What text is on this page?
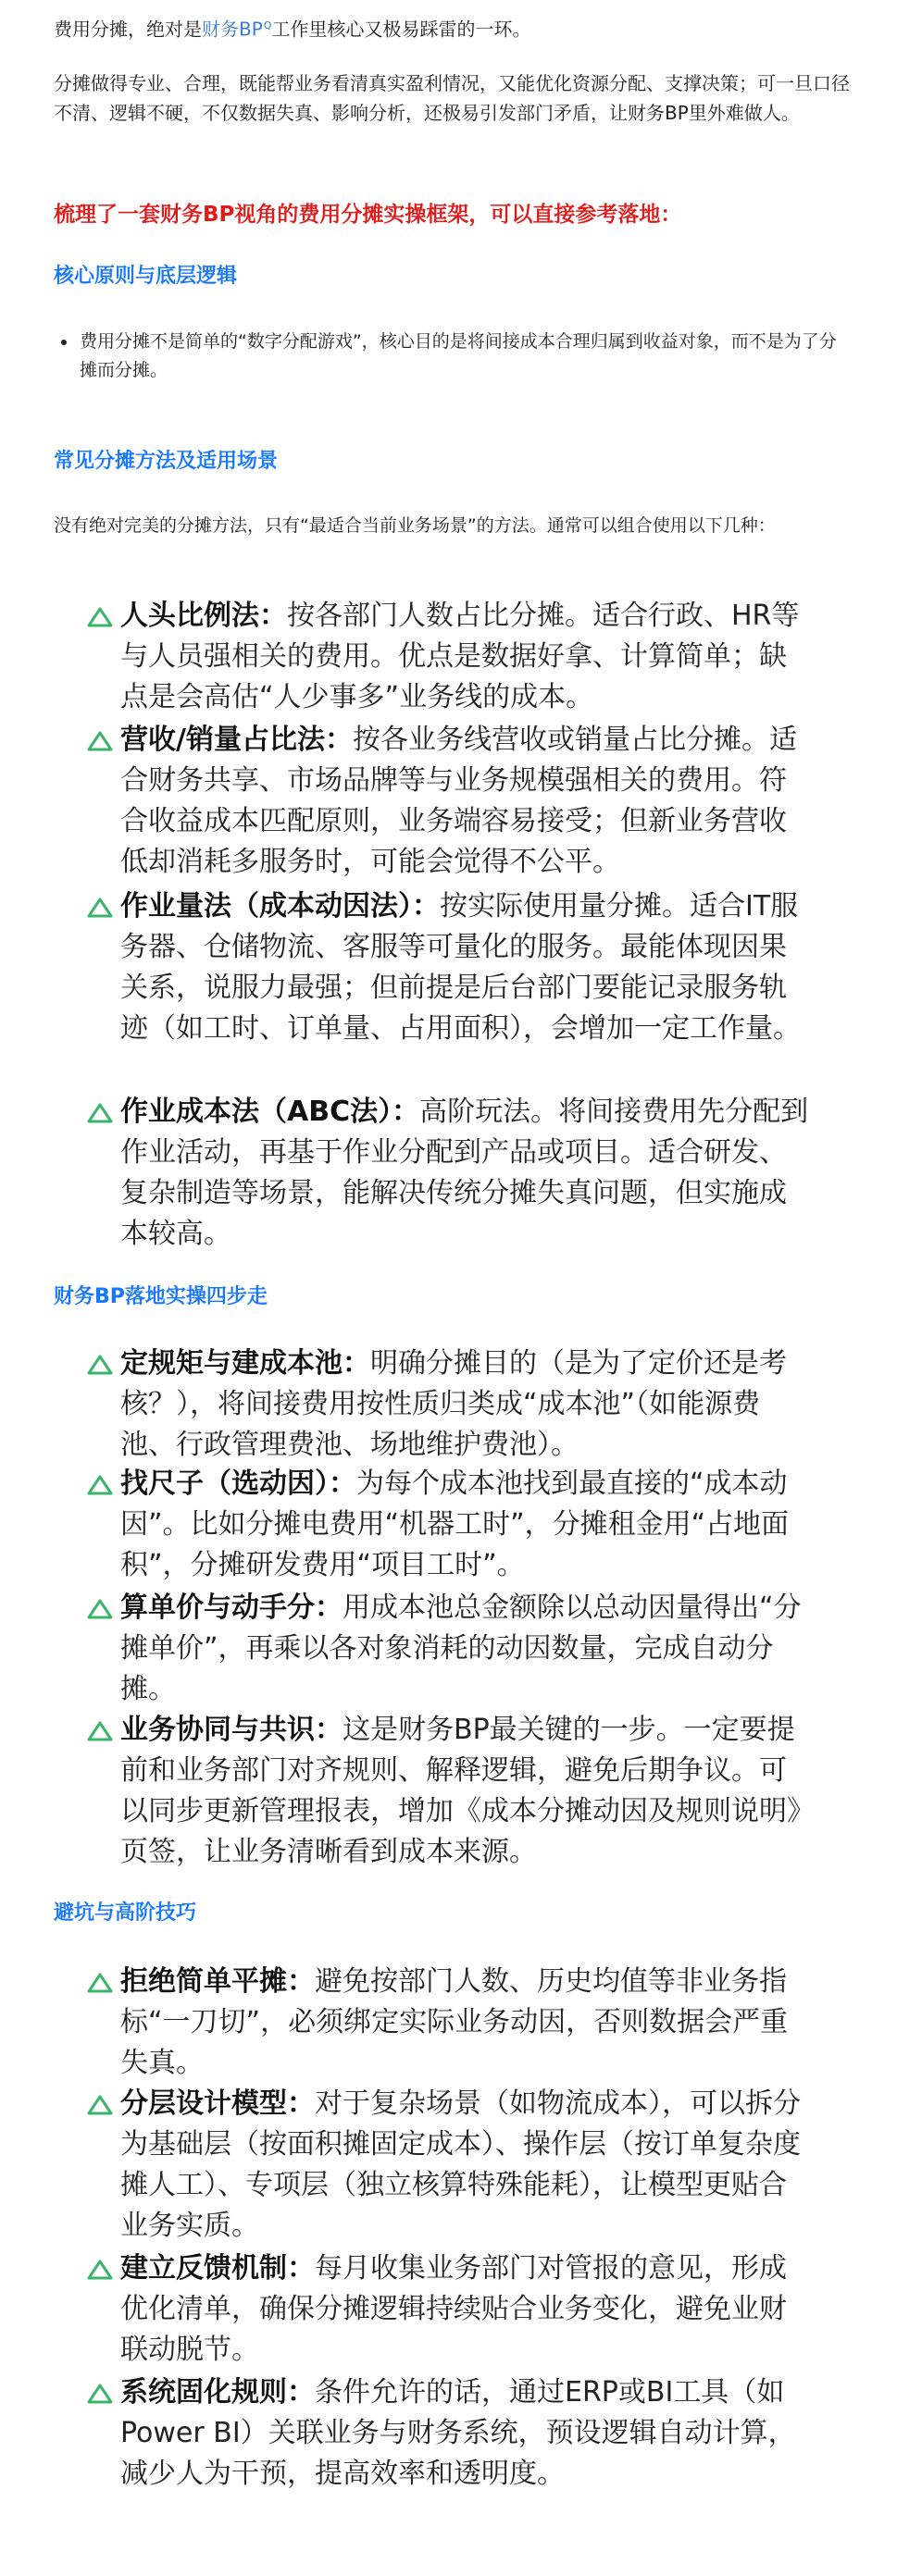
费用分摊，绝对是财务$BP^Q$工作里核心又极易踩雷的一环。
分摊做得专业、合理，既能帮业务看清真实盈利情况，又能优化资源分配、支撑决策；可一旦口径不清、逻辑不硬，不仅数据失真、影响分析，还极易引发部门矛盾，让财务BP里外难做人。
梳理了一套财务BP视角的费用分摊实操框架，可以直接参考落地：
核心原则与底层逻辑
费用分摊不是简单的“数字分配游戏”，核心目的是将间接成本合理归属到收益对象，而不是为了分摊而分摊。
常见分摊方法及适用场景
没有绝对完美的分摊方法，只有“最适合当前业务场景”的方法。通常可以组合使用以下几种：
人头比例法：按各部门人数占比分摊。适合行政、HR等与人员强相关的费用。优点是数据好拿、计算简单；缺点是会高估“人少事多”业务线的成本。
营收/销量占比法：按各业务线营收或销量占比分摊。适合财务共享、市场品牌等与业务规模强相关的费用。符合收益成本匹配原则，业务端容易接受；但新业务营收低却消耗多服务时，可能会觉得不公平。
作业量法（成本动因法）：按实际使用量分摊。适合IT服务器、仓储物流、客服等可量化的服务。最能体现因果关系，说服力最强；但前提是后台部门要能记录服务轨迹（如工时、订单量、占用面积），会增加一定工作量。
作业成本法（ABC法）：高阶玩法。将间接费用先分配到作业活动，再基于作业分配到产品或项目。适合研发、复杂制造等场景，能解决传统分摊失真问题，但实施成本较高。
财务BP落地实操四步走
定规矩与建成本池：明确分摊目的（是为了定价还是考核？），将间接费用按性质归类成“成本池”（如能源费池、行政管理费池、场地维护费池）。
找尺子（选动因）：为每个成本池找到最直接的“成本动因”。比如分摊电费用“机器工时”，分摊租金用“占地面积”，分摊研发费用“项目工时”。
算单价与动手分：用成本池总金额除以总动因量得出“分摊单价”，再乘以各对象消耗的动因数量，完成自动分摊。
业务协同与共识：这是财务BP最关键的一步。一定要提前和业务部门对齐规则、解释逻辑，避免后期争议。可以同步更新管理报表，增加《成本分摊动因及规则说明》页签，让业务清晰看到成本来源。
避坑与高阶技巧
拒绝简单平摊：避免按部门人数、历史均值等非业务指标“一刀切”，必须绑定实际业务动因，否则数据会严重失真。
分层设计模型：对于复杂场景（如物流成本），可以拆分为基础层（按面积摊固定成本）、操作层（按订单复杂度摊人工）、专项层（独立核算特殊能耗），让模型更贴合业务实质。
建立反馈机制：每月收集业务部门对管报的意见，形成优化清单，确保分摊逻辑持续贴合业务变化，避免业财联动脱节。
系统固化规则：条件允许的话，通过ERP或BI工具（如Power BI）关联业务与财务系统，预设逻辑自动计算，减少人为干预，提高效率和透明度。
